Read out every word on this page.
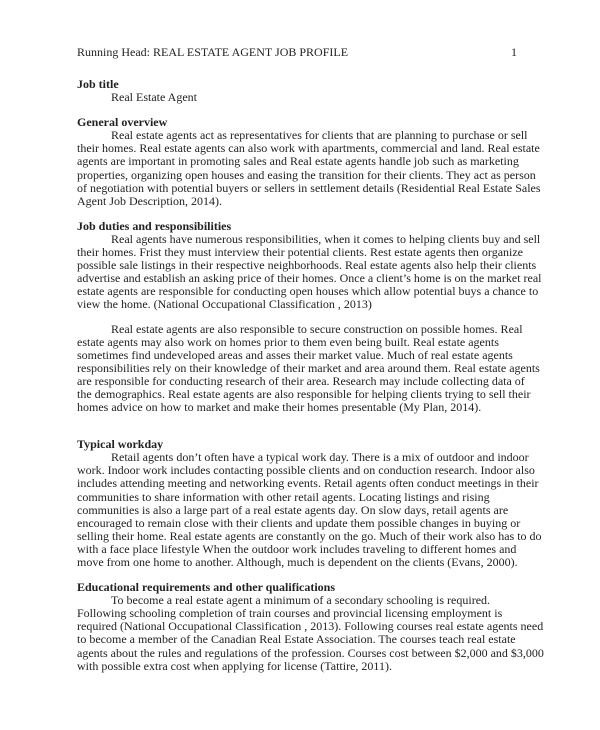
Running Head: REAL ESTATE AGENT JOB PROFILE	1
Job title
Real Estate Agent
General overview
Real estate agents act as representatives for clients that are planning to purchase or sell
their homes. Real estate agents can also work with apartments, commercial and land. Real estate
agents are important in promoting sales and Real estate agents handle job such as marketing
properties, organizing open houses and easing the transition for their clients. They act as person
of negotiation with potential buyers or sellers in settlement details (Residential Real Estate Sales
Agent Job Description, 2014).
Job duties and responsibilities
Real agents have numerous responsibilities, when it comes to helping clients buy and sell
their homes. Frist they must interview their potential clients. Rest estate agents then organize
possible sale listings in their respective neighborhoods. Real estate agents also help their clients
advertise and establish an asking price of their homes. Once a client’s home is on the market real
estate agents are responsible for conducting open houses which allow potential buys a chance to
view the home. (National Occupational Classification , 2013)
Real estate agents are also responsible to secure construction on possible homes. Real
estate agents may also work on homes prior to them even being built. Real estate agents
sometimes find undeveloped areas and asses their market value. Much of real estate agents
responsibilities rely on their knowledge of their market and area around them. Real estate agents
are responsible for conducting research of their area. Research may include collecting data of
the demographics. Real estate agents are also responsible for helping clients trying to sell their
homes advice on how to market and make their homes presentable (My Plan, 2014).
Typical workday
Retail agents don’t often have a typical work day. There is a mix of outdoor and indoor
work. Indoor work includes contacting possible clients and on conduction research. Indoor also
includes attending meeting and networking events. Retail agents often conduct meetings in their
communities to share information with other retail agents. Locating listings and rising
communities is also a large part of a real estate agents day. On slow days, retail agents are
encouraged to remain close with their clients and update them possible changes in buying or
selling their home. Real estate agents are constantly on the go. Much of their work also has to do
with a face place lifestyle When the outdoor work includes traveling to different homes and
move from one home to another. Although, much is dependent on the clients (Evans, 2000).
Educational requirements and other qualifications
To become a real estate agent a minimum of a secondary schooling is required.
Following schooling completion of train courses and provincial licensing employment is
required (National Occupational Classification , 2013). Following courses real estate agents need
to become a member of the Canadian Real Estate Association. The courses teach real estate
agents about the rules and regulations of the profession. Courses cost between $2,000 and $3,000
with possible extra cost when applying for license (Tattire, 2011).
